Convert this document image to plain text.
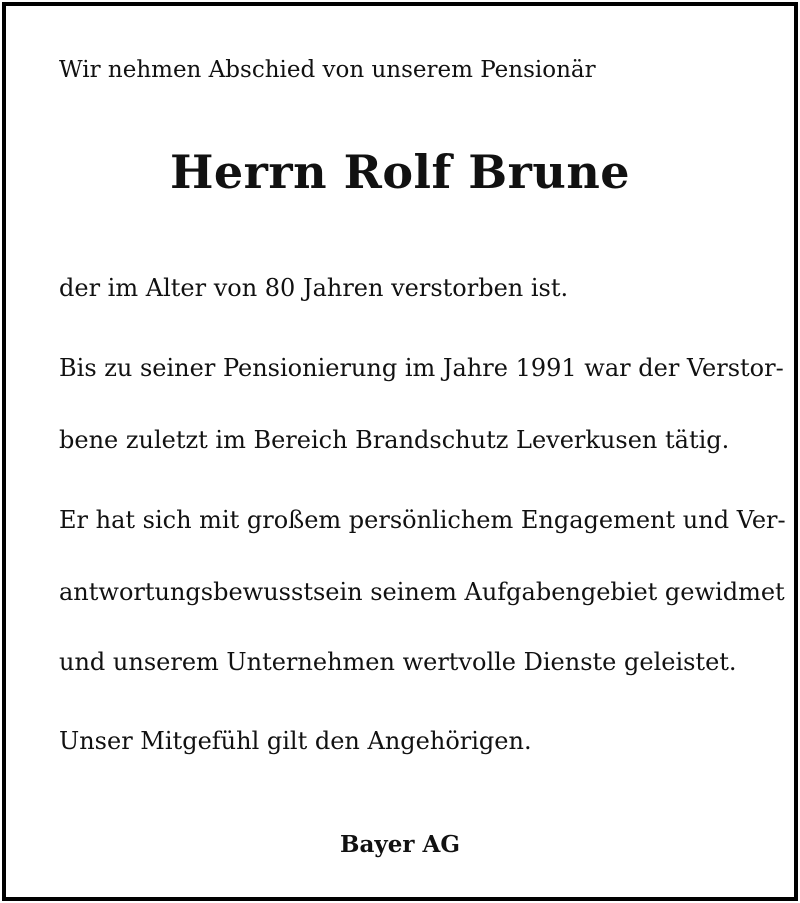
Wir nehmen Abschied von unserem Pensionär

Herrn Rolf Brune

der im Alter von 80 Jahren verstorben ist.

Bis zu seiner Pensionierung im Jahre 1991 war der Verstor-

bene zuletzt im Bereich Brandschutz Leverkusen tätig.

Er hat sich mit großem persönlichem Engagement und Ver-

antwortungsbewusstsein seinem Aufgabengebiet gewidmet

und unserem Unternehmen wertvolle Dienste geleistet.

Unser Mitgefühl gilt den Angehörigen.

Bayer AG
